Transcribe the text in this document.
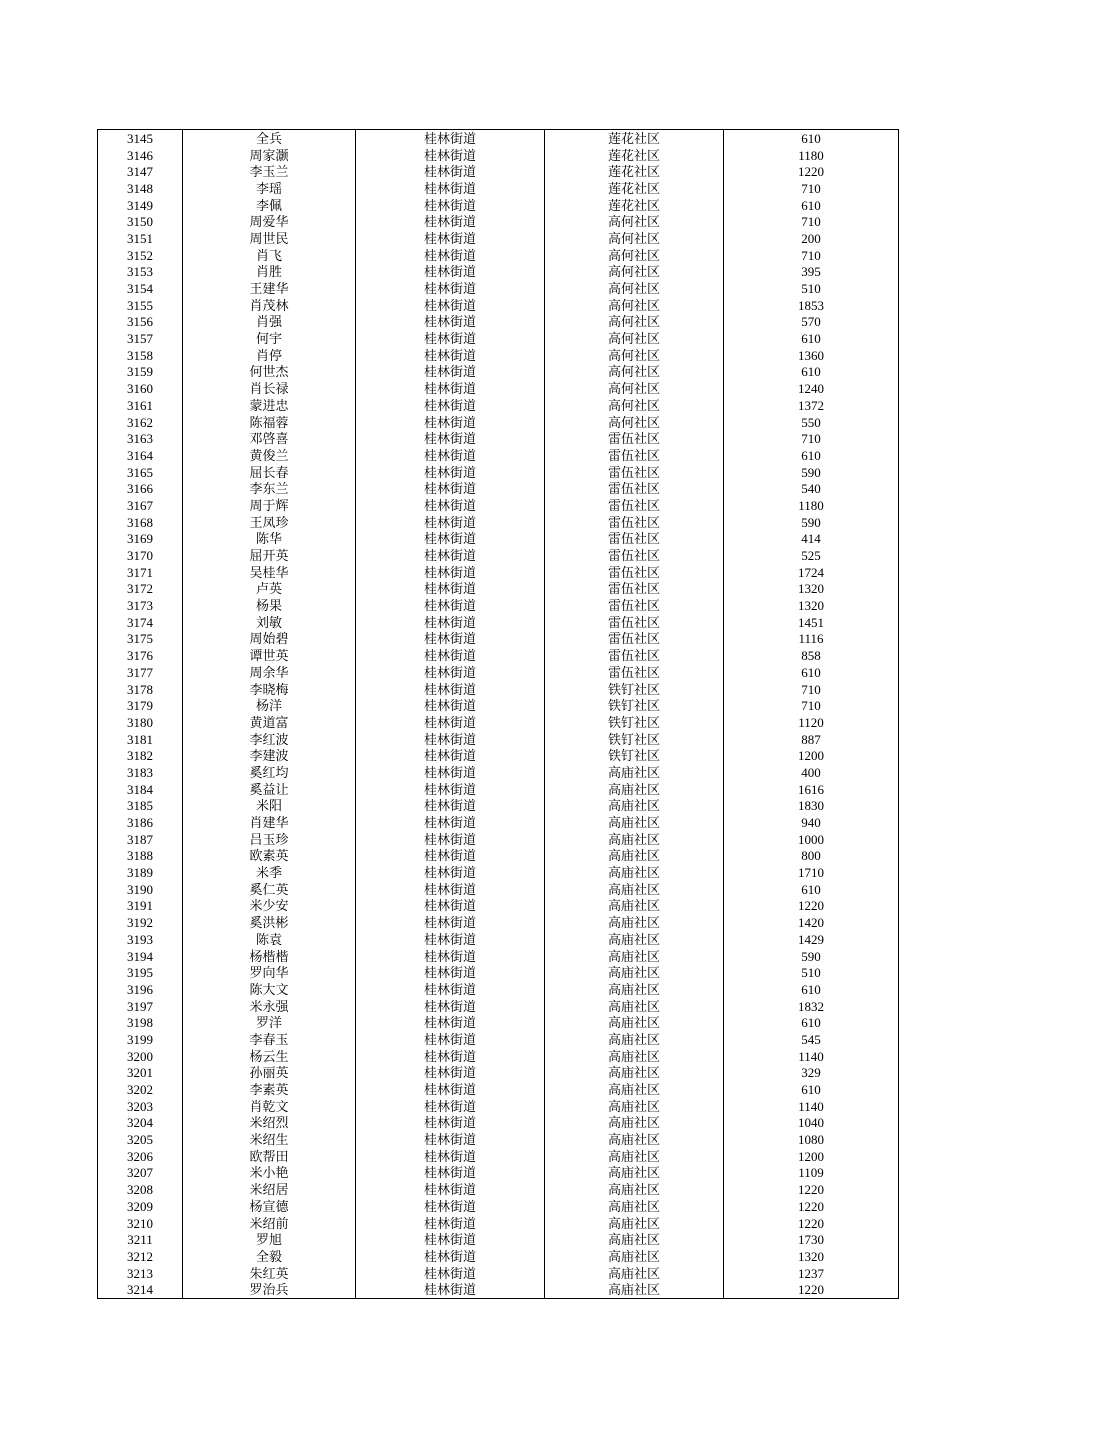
3145	全兵	桂林街道	莲花社区	610
3146	周家灏	桂林街道	莲花社区	1180
3147	李玉兰	桂林街道	莲花社区	1220
3148	李瑶	桂林街道	莲花社区	710
3149	李佩	桂林街道	莲花社区	610
3150	周爱华	桂林街道	高何社区	710
3151	周世民	桂林街道	高何社区	200
3152	肖飞	桂林街道	高何社区	710
3153	肖胜	桂林街道	高何社区	395
3154	王建华	桂林街道	高何社区	510
3155	肖茂林	桂林街道	高何社区	1853
3156	肖强	桂林街道	高何社区	570
3157	何宇	桂林街道	高何社区	610
3158	肖停	桂林街道	高何社区	1360
3159	何世杰	桂林街道	高何社区	610
3160	肖长禄	桂林街道	高何社区	1240
3161	蒙进忠	桂林街道	高何社区	1372
3162	陈福蓉	桂林街道	高何社区	550
3163	邓啓喜	桂林街道	雷伍社区	710
3164	黄俊兰	桂林街道	雷伍社区	610
3165	屈长春	桂林街道	雷伍社区	590
3166	李东兰	桂林街道	雷伍社区	540
3167	周于辉	桂林街道	雷伍社区	1180
3168	王凤珍	桂林街道	雷伍社区	590
3169	陈华	桂林街道	雷伍社区	414
3170	屈开英	桂林街道	雷伍社区	525
3171	吴桂华	桂林街道	雷伍社区	1724
3172	卢英	桂林街道	雷伍社区	1320
3173	杨果	桂林街道	雷伍社区	1320
3174	刘敏	桂林街道	雷伍社区	1451
3175	周始碧	桂林街道	雷伍社区	1116
3176	谭世英	桂林街道	雷伍社区	858
3177	周余华	桂林街道	雷伍社区	610
3178	李晓梅	桂林街道	铁钉社区	710
3179	杨洋	桂林街道	铁钉社区	710
3180	黄道富	桂林街道	铁钉社区	1120
3181	李红波	桂林街道	铁钉社区	887
3182	李建波	桂林街道	铁钉社区	1200
3183	奚红均	桂林街道	高庙社区	400
3184	奚益让	桂林街道	高庙社区	1616
3185	米阳	桂林街道	高庙社区	1830
3186	肖建华	桂林街道	高庙社区	940
3187	吕玉珍	桂林街道	高庙社区	1000
3188	欧素英	桂林街道	高庙社区	800
3189	米季	桂林街道	高庙社区	1710
3190	奚仁英	桂林街道	高庙社区	610
3191	米少安	桂林街道	高庙社区	1220
3192	奚洪彬	桂林街道	高庙社区	1420
3193	陈袁	桂林街道	高庙社区	1429
3194	杨楷楷	桂林街道	高庙社区	590
3195	罗向华	桂林街道	高庙社区	510
3196	陈大文	桂林街道	高庙社区	610
3197	米永强	桂林街道	高庙社区	1832
3198	罗洋	桂林街道	高庙社区	610
3199	李春玉	桂林街道	高庙社区	545
3200	杨云生	桂林街道	高庙社区	1140
3201	孙丽英	桂林街道	高庙社区	329
3202	李素英	桂林街道	高庙社区	610
3203	肖乾文	桂林街道	高庙社区	1140
3204	米绍烈	桂林街道	高庙社区	1040
3205	米绍生	桂林街道	高庙社区	1080
3206	欧帮田	桂林街道	高庙社区	1200
3207	米小艳	桂林街道	高庙社区	1109
3208	米绍居	桂林街道	高庙社区	1220
3209	杨宣德	桂林街道	高庙社区	1220
3210	米绍前	桂林街道	高庙社区	1220
3211	罗旭	桂林街道	高庙社区	1730
3212	全毅	桂林街道	高庙社区	1320
3213	朱红英	桂林街道	高庙社区	1237
3214	罗治兵	桂林街道	高庙社区	1220
